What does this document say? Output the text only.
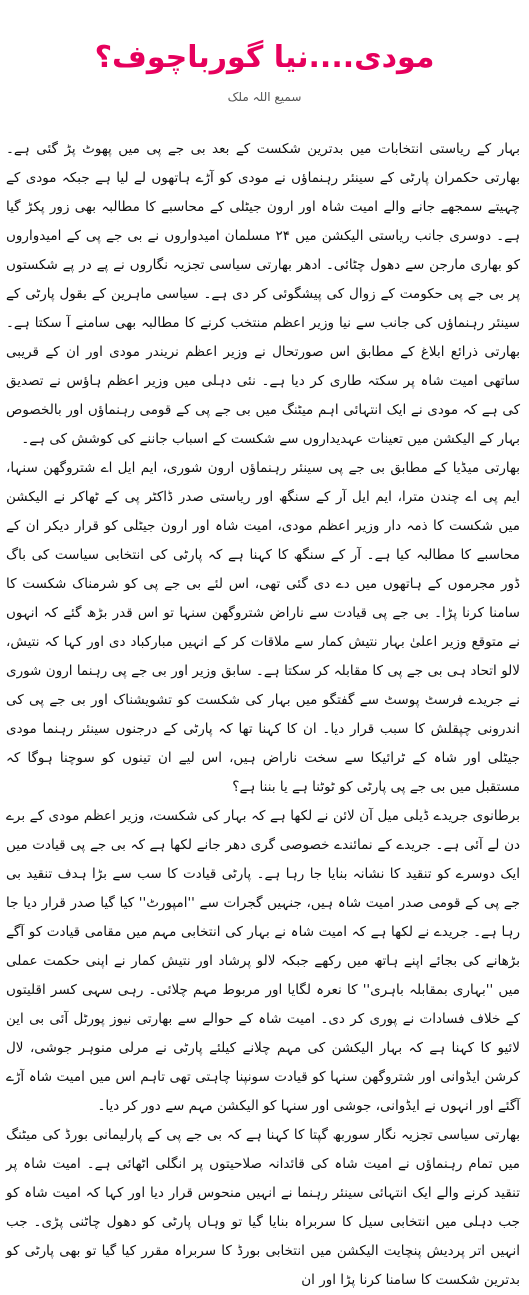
مودی....نیا گورباچوف؟
سمیع اللہ ملک

بہار کے ریاستی انتخابات میں بدترین شکست کے بعد بی جے پی میں پھوٹ پڑ گئی ہے۔ بھارتی حکمران پارٹی کے سینئر رہنماؤں نے مودی کو آڑے ہاتھوں لے لیا ہے جبکہ مودی کے چہیتے سمجھے جانے والے امیت شاہ اور ارون جیٹلی کے محاسبے کا مطالبہ بھی زور پکڑ گیا ہے۔ دوسری جانب ریاستی الیکشن میں ۲۴ مسلمان امیدواروں نے بی جے پی کے امیدواروں کو بھاری مارجن سے دھول چٹائی۔ ادھر بھارتی سیاسی تجزیہ نگاروں نے پے در پے شکستوں پر بی جے پی حکومت کے زوال کی پیشگوئی کر دی ہے۔ سیاسی ماہرین کے بقول پارٹی کے سینئر رہنماؤں کی جانب سے نیا وزیر اعظم منتخب کرنے کا مطالبہ بھی سامنے آ سکتا ہے۔ بھارتی ذرائع ابلاغ کے مطابق اس صورتحال نے وزیر اعظم نریندر مودی اور ان کے قریبی ساتھی امیت شاہ پر سکتہ طاری کر دیا ہے۔ نئی دہلی میں وزیر اعظم ہاؤس نے تصدیق کی ہے کہ مودی نے ایک انتہائی اہم میٹنگ میں بی جے پی کے قومی رہنماؤں اور بالخصوص بہار کے الیکشن میں تعینات عہدیداروں سے شکست کے اسباب جاننے کی کوشش کی ہے۔

بھارتی میڈیا کے مطابق بی جے پی سینئر رہنماؤں ارون شوری، ایم ایل اے شتروگھن سنہا، ایم پی اے چندن مترا، ایم ایل آر کے سنگھ اور ریاستی صدر ڈاکٹر پی کے ٹھاکر نے الیکشن میں شکست کا ذمہ دار وزیر اعظم مودی، امیت شاہ اور ارون جیٹلی کو قرار دیکر ان کے محاسبے کا مطالبہ کیا ہے۔ آر کے سنگھ کا کہنا ہے کہ پارٹی کی انتخابی سیاست کی باگ ڈور مجرموں کے ہاتھوں میں دے دی گئی تھی، اس لئے بی جے پی کو شرمناک شکست کا سامنا کرنا پڑا۔ بی جے پی قیادت سے ناراض شتروگھن سنہا تو اس قدر بڑھ گئے کہ انہوں نے متوقع وزیر اعلیٰ بہار نتیش کمار سے ملاقات کر کے انہیں مبارکباد دی اور کہا کہ نتیش، لالو اتحاد ہی بی جے پی کا مقابلہ کر سکتا ہے۔ سابق وزیر اور بی جے پی رہنما ارون شوری نے جریدے فرسٹ پوسٹ سے گفتگو میں بہار کی شکست کو تشویشناک اور بی جے پی کی اندرونی چپقلش کا سبب قرار دیا۔ ان کا کہنا تھا کہ پارٹی کے درجنوں سینئر رہنما مودی جیٹلی اور شاہ کے ٹرائیکا سے سخت ناراض ہیں، اس لیے ان تینوں کو سوچنا ہوگا کہ مستقبل میں بی جے پی پارٹی کو ٹوٹنا ہے یا بننا ہے؟

برطانوی جریدے ڈیلی میل آن لائن نے لکھا ہے کہ بہار کی شکست، وزیر اعظم مودی کے برے دن لے آئی ہے۔ جریدے کے نمائندے خصوصی گری دھر جانے لکھا ہے کہ بی جے پی قیادت میں ایک دوسرے کو تنقید کا نشانہ بنایا جا رہا ہے۔ پارٹی قیادت کا سب سے بڑا ہدف تنقید بی جے پی کے قومی صدر امیت شاہ ہیں، جنہیں گجرات سے ''امپورٹ'' کیا گیا صدر قرار دیا جا رہا ہے۔ جریدے نے لکھا ہے کہ امیت شاہ نے بہار کی انتخابی مہم میں مقامی قیادت کو آگے بڑھانے کی بجائے اپنے ہاتھ میں رکھے جبکہ لالو پرشاد اور نتیش کمار نے اپنی حکمت عملی میں ''بہاری بمقابلہ باہری'' کا نعرہ لگایا اور مربوط مہم چلائی۔ رہی سہی کسر اقلیتوں کے خلاف فسادات نے پوری کر دی۔ امیت شاہ کے حوالے سے بھارتی نیوز پورٹل آئی بی این لائیو کا کہنا ہے کہ بہار الیکشن کی مہم چلانے کیلئے پارٹی نے مرلی منوہر جوشی، لال کرشن ایڈوانی اور شتروگھن سنہا کو قیادت سونپنا چاہتی تھی تاہم اس میں امیت شاہ آڑے آگئے اور انہوں نے ایڈوانی، جوشی اور سنہا کو الیکشن مہم سے دور کر دیا۔

بھارتی سیاسی تجزیہ نگار سوربھ گپتا کا کہنا ہے کہ بی جے پی کے پارلیمانی بورڈ کی میٹنگ میں تمام رہنماؤں نے امیت شاہ کی قائدانہ صلاحیتوں پر انگلی اٹھائی ہے۔ امیت شاہ پر تنقید کرنے والے ایک انتہائی سینئر رہنما نے انہیں منحوس قرار دیا اور کہا کہ امیت شاہ کو جب دہلی میں انتخابی سیل کا سربراہ بنایا گیا تو وہاں پارٹی کو دھول چاٹنی پڑی۔ جب انہیں اتر پردیش پنچایت الیکشن میں انتخابی بورڈ کا سربراہ مقرر کیا گیا تو بھی پارٹی کو بدترین شکست کا سامنا کرنا پڑا اور ان
